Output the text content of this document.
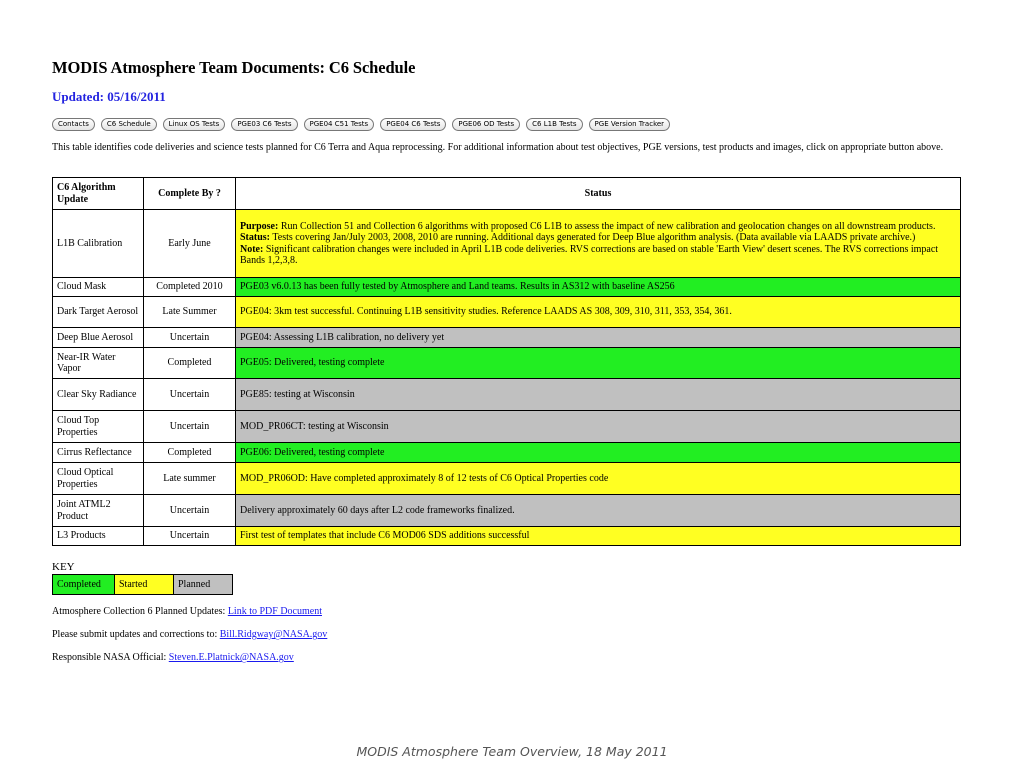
MODIS Atmosphere Team Documents: C6 Schedule
Updated: 05/16/2011
Contacts	C6 Schedule	Linux OS Tests	PGE03 C6 Tests	PGE04 C51 Tests	PGE04 C6 Tests	PGE06 OD Tests	C6 L1B Tests	PGE Version Tracker

This table identifies code deliveries and science tests planned for C6 Terra and Aqua reprocessing. For additional information about test objectives, PGE versions, test products and images, click on appropriate button above.

C6 Algorithm Update	Complete By ?	Status
L1B Calibration	Early June	Purpose: Run Collection 51 and Collection 6 algorithms with proposed C6 L1B to assess the impact of new calibration and geolocation changes on all downstream products.
Status: Tests covering Jan/July 2003, 2008, 2010 are running. Additional days generated for Deep Blue algorithm analysis. (Data available via LAADS private archive.)
Note: Significant calibration changes were included in April L1B code deliveries. RVS corrections are based on stable 'Earth View' desert scenes. The RVS corrections impact Bands 1,2,3,8.
Cloud Mask	Completed 2010	PGE03 v6.0.13 has been fully tested by Atmosphere and Land teams. Results in AS312 with baseline AS256
Dark Target Aerosol	Late Summer	PGE04: 3km test successful. Continuing L1B sensitivity studies. Reference LAADS AS 308, 309, 310, 311, 353, 354, 361.
Deep Blue Aerosol	Uncertain	PGE04: Assessing L1B calibration, no delivery yet
Near-IR Water Vapor	Completed	PGE05: Delivered, testing complete
Clear Sky Radiance	Uncertain	PGE85: testing at Wisconsin
Cloud Top Properties	Uncertain	MOD_PR06CT: testing at Wisconsin
Cirrus Reflectance	Completed	PGE06: Delivered, testing complete
Cloud Optical Properties	Late summer	MOD_PR06OD: Have completed approximately 8 of 12 tests of C6 Optical Properties code
Joint ATML2 Product	Uncertain	Delivery approximately 60 days after L2 code frameworks finalized.
L3 Products	Uncertain	First test of templates that include C6 MOD06 SDS additions successful
KEY
Completed	Started	Planned
Atmosphere Collection 6 Planned Updates: Link to PDF Document
Please submit updates and corrections to: Bill.Ridgway@NASA.gov
Responsible NASA Official: Steven.E.Platnick@NASA.gov
MODIS Atmosphere Team Overview, 18 May 2011
